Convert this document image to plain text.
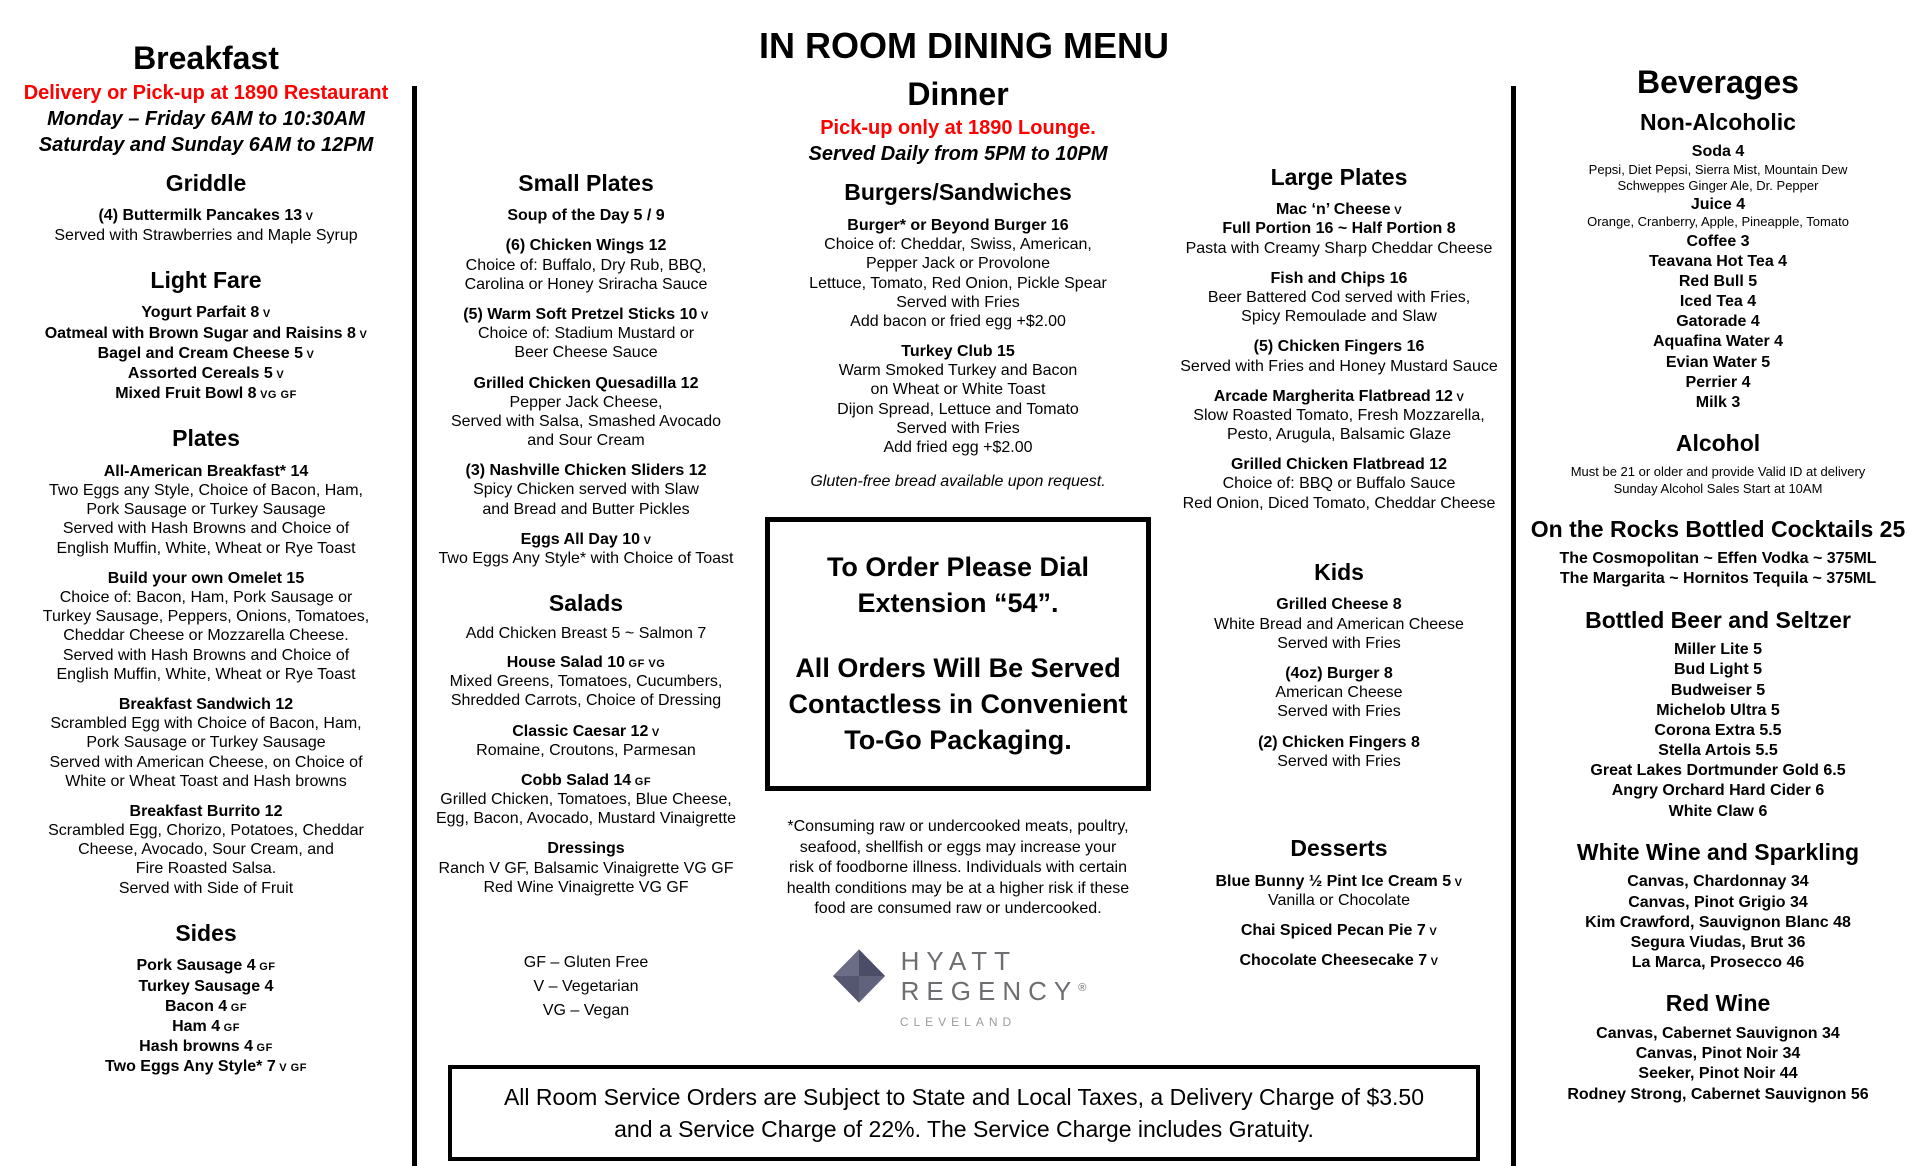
Breakfast
Delivery or Pick-up at 1890 Restaurant
Monday – Friday 6AM to 10:30AM
Saturday and Sunday 6AM to 12PM
Griddle
(4) Buttermilk Pancakes 13 V
Served with Strawberries and Maple Syrup
Light Fare
Yogurt Parfait 8 V
Oatmeal with Brown Sugar and Raisins 8 V
Bagel and Cream Cheese 5 V
Assorted Cereals 5 V
Mixed Fruit Bowl 8 VG GF
Plates
All-American Breakfast* 14
Two Eggs any Style, Choice of Bacon, Ham,
Pork Sausage or Turkey Sausage
Served with Hash Browns and Choice of
English Muffin, White, Wheat or Rye Toast
Build your own Omelet 15
Choice of: Bacon, Ham, Pork Sausage or
Turkey Sausage, Peppers, Onions, Tomatoes,
Cheddar Cheese or Mozzarella Cheese.
Served with Hash Browns and Choice of
English Muffin, White, Wheat or Rye Toast
Breakfast Sandwich 12
Scrambled Egg with Choice of Bacon, Ham,
Pork Sausage or Turkey Sausage
Served with American Cheese, on Choice of
White or Wheat Toast and Hash browns
Breakfast Burrito 12
Scrambled Egg, Chorizo, Potatoes, Cheddar
Cheese, Avocado, Sour Cream, and
Fire Roasted Salsa.
Served with Side of Fruit
Sides
Pork Sausage 4 GF
Turkey Sausage 4
Bacon 4 GF
Ham 4 GF
Hash browns 4 GF
Two Eggs Any Style* 7 V GF
IN ROOM DINING MENU
Small Plates
Soup of the Day 5 / 9
(6) Chicken Wings 12
Choice of: Buffalo, Dry Rub, BBQ,
Carolina or Honey Sriracha Sauce
(5) Warm Soft Pretzel Sticks 10 V
Choice of: Stadium Mustard or
Beer Cheese Sauce
Grilled Chicken Quesadilla 12
Pepper Jack Cheese,
Served with Salsa, Smashed Avocado
and Sour Cream
(3) Nashville Chicken Sliders 12
Spicy Chicken served with Slaw
and Bread and Butter Pickles
Eggs All Day 10 V
Two Eggs Any Style* with Choice of Toast
Salads
Add Chicken Breast 5 ~ Salmon 7
House Salad 10 GF VG
Mixed Greens, Tomatoes, Cucumbers,
Shredded Carrots, Choice of Dressing
Classic Caesar 12 V
Romaine, Croutons, Parmesan
Cobb Salad 14 GF
Grilled Chicken, Tomatoes, Blue Cheese,
Egg, Bacon, Avocado, Mustard Vinaigrette
Dressings
Ranch V GF, Balsamic Vinaigrette VG GF
Red Wine Vinaigrette VG GF
GF – Gluten Free
V – Vegetarian
VG – Vegan
Dinner
Pick-up only at 1890 Lounge.
Served Daily from 5PM to 10PM
Burgers/Sandwiches
Burger* or Beyond Burger 16
Choice of: Cheddar, Swiss, American,
Pepper Jack or Provolone
Lettuce, Tomato, Red Onion, Pickle Spear
Served with Fries
Add bacon or fried egg +$2.00
Turkey Club 15
Warm Smoked Turkey and Bacon
on Wheat or White Toast
Dijon Spread, Lettuce and Tomato
Served with Fries
Add fried egg +$2.00
Gluten-free bread available upon request.

To Order Please Dial Extension “54”.

All Orders Will Be Served Contactless in Convenient To-Go Packaging.

*Consuming raw or undercooked meats, poultry, seafood, shellfish or eggs may increase your risk of foodborne illness. Individuals with certain health conditions may be at a higher risk if these food are consumed raw or undercooked.
HYATT
REGENCY®
CLEVELAND
Large Plates
Mac ‘n’ Cheese V
Full Portion 16 ~ Half Portion 8
Pasta with Creamy Sharp Cheddar Cheese
Fish and Chips 16
Beer Battered Cod served with Fries,
Spicy Remoulade and Slaw
(5) Chicken Fingers 16
Served with Fries and Honey Mustard Sauce
Arcade Margherita Flatbread 12 V
Slow Roasted Tomato, Fresh Mozzarella,
Pesto, Arugula, Balsamic Glaze
Grilled Chicken Flatbread 12
Choice of: BBQ or Buffalo Sauce
Red Onion, Diced Tomato, Cheddar Cheese
Kids
Grilled Cheese 8
White Bread and American Cheese
Served with Fries
(4oz) Burger 8
American Cheese
Served with Fries
(2) Chicken Fingers 8
Served with Fries
Desserts
Blue Bunny ½ Pint Ice Cream 5 V
Vanilla or Chocolate
Chai Spiced Pecan Pie 7 V
Chocolate Cheesecake 7 V
All Room Service Orders are Subject to State and Local Taxes, a Delivery Charge of $3.50 and a Service Charge of 22%. The Service Charge includes Gratuity.
Beverages
Non-Alcoholic
Soda 4
Pepsi, Diet Pepsi, Sierra Mist, Mountain Dew
Schweppes Ginger Ale, Dr. Pepper
Juice 4
Orange, Cranberry, Apple, Pineapple, Tomato
Coffee 3
Teavana Hot Tea 4
Red Bull 5
Iced Tea 4
Gatorade 4
Aquafina Water 4
Evian Water 5
Perrier 4
Milk 3
Alcohol
Must be 21 or older and provide Valid ID at delivery
Sunday Alcohol Sales Start at 10AM
On the Rocks Bottled Cocktails 25
The Cosmopolitan ~ Effen Vodka ~ 375ML
The Margarita ~ Hornitos Tequila ~ 375ML
Bottled Beer and Seltzer
Miller Lite 5
Bud Light 5
Budweiser 5
Michelob Ultra 5
Corona Extra 5.5
Stella Artois 5.5
Great Lakes Dortmunder Gold 6.5
Angry Orchard Hard Cider 6
White Claw 6
White Wine and Sparkling
Canvas, Chardonnay 34
Canvas, Pinot Grigio 34
Kim Crawford, Sauvignon Blanc 48
Segura Viudas, Brut 36
La Marca, Prosecco 46
Red Wine
Canvas, Cabernet Sauvignon 34
Canvas, Pinot Noir 34
Seeker, Pinot Noir 44
Rodney Strong, Cabernet Sauvignon 56
